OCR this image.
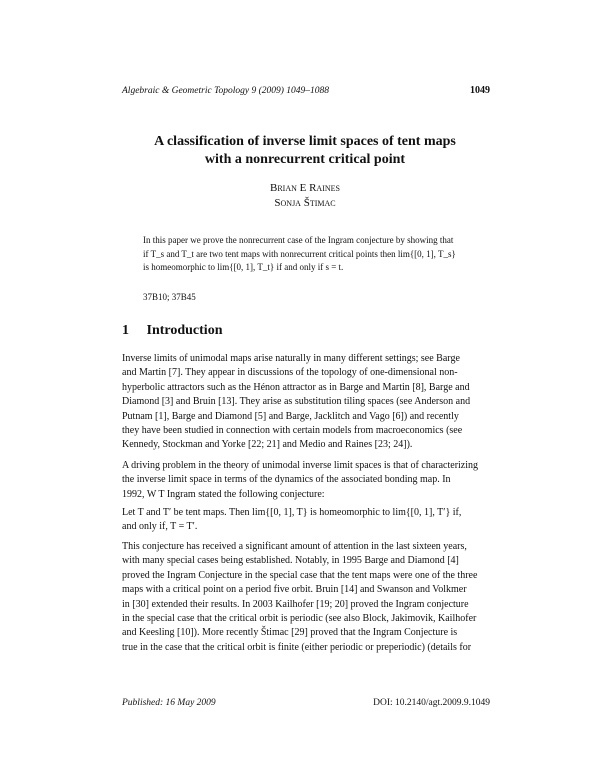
Algebraic & Geometric Topology 9 (2009) 1049–1088	1049
A classification of inverse limit spaces of tent maps
with a nonrecurrent critical point
Brian E Raines
Sonja Štimac
In this paper we prove the nonrecurrent case of the Ingram conjecture by showing that
if T_s and T_t are two tent maps with nonrecurrent critical points then lim{[0, 1], T_s}
is homeomorphic to lim{[0, 1], T_t} if and only if s = t.
37B10; 37B45
1 Introduction
Inverse limits of unimodal maps arise naturally in many different settings; see Barge
and Martin [7]. They appear in discussions of the topology of one-dimensional non-
hyperbolic attractors such as the Hénon attractor as in Barge and Martin [8], Barge and
Diamond [3] and Bruin [13]. They arise as substitution tiling spaces (see Anderson and
Putnam [1], Barge and Diamond [5] and Barge, Jacklitch and Vago [6]) and recently
they have been studied in connection with certain models from macroeconomics (see
Kennedy, Stockman and Yorke [22; 21] and Medio and Raines [23; 24]).
A driving problem in the theory of unimodal inverse limit spaces is that of characterizing
the inverse limit space in terms of the dynamics of the associated bonding map. In
1992, W T Ingram stated the following conjecture:
Let T and T′ be tent maps. Then lim{[0, 1], T} is homeomorphic to lim{[0, 1], T′} if,
and only if, T = T′.
This conjecture has received a significant amount of attention in the last sixteen years,
with many special cases being established. Notably, in 1995 Barge and Diamond [4]
proved the Ingram Conjecture in the special case that the tent maps were one of the three
maps with a critical point on a period five orbit. Bruin [14] and Swanson and Volkmer
in [30] extended their results. In 2003 Kailhofer [19; 20] proved the Ingram conjecture
in the special case that the critical orbit is periodic (see also Block, Jakimovik, Kailhofer
and Keesling [10]). More recently Štimac [29] proved that the Ingram Conjecture is
true in the case that the critical orbit is finite (either periodic or preperiodic) (details for
Published: 16 May 2009	DOI: 10.2140/agt.2009.9.1049
